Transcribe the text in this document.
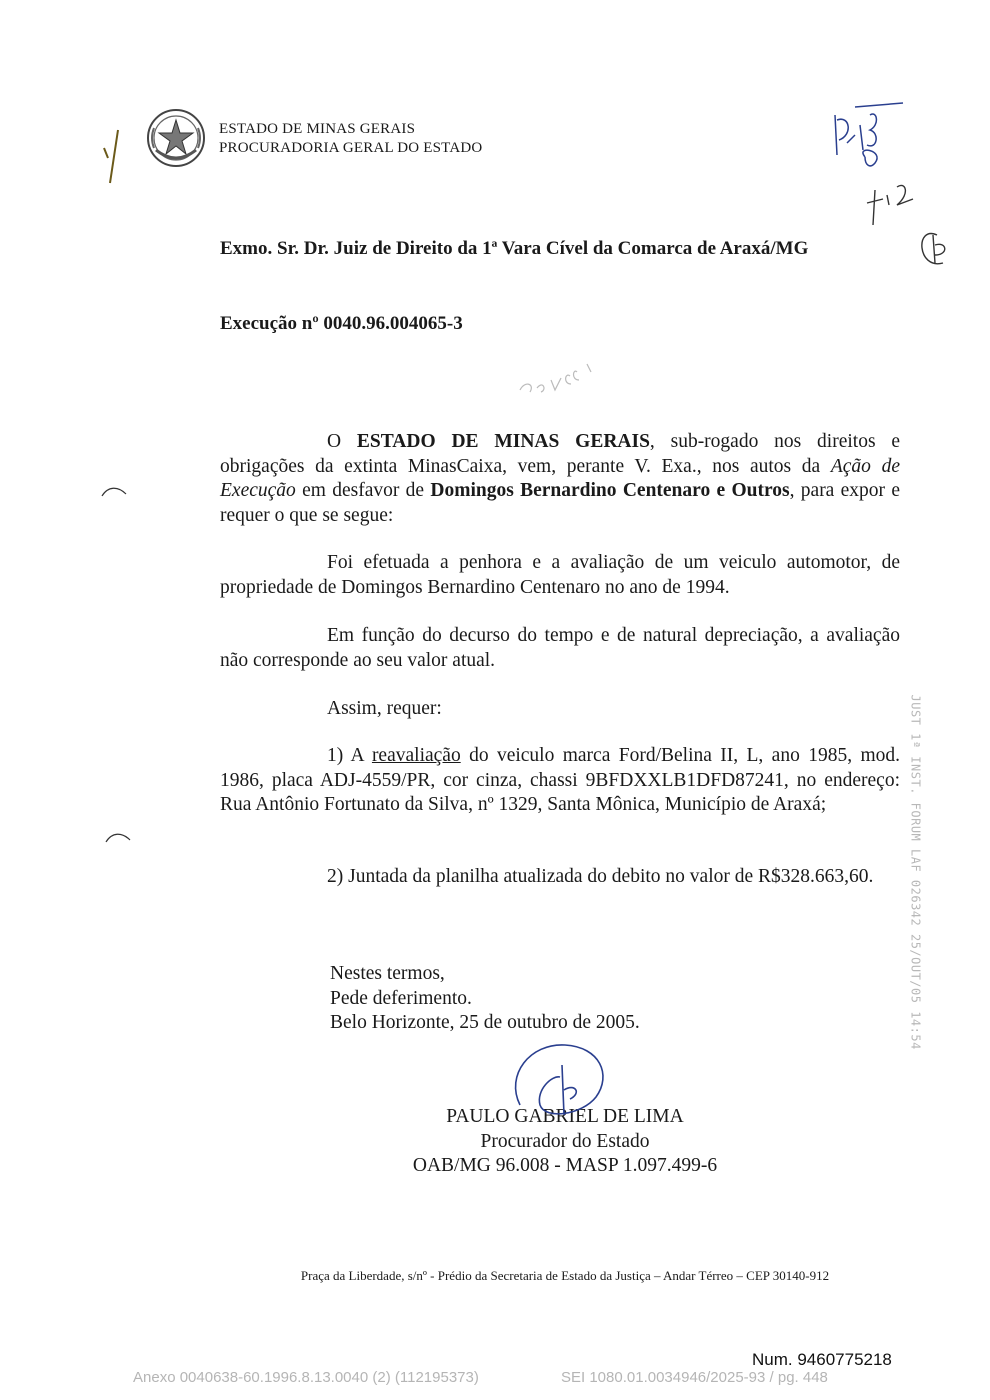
ESTADO DE MINAS GERAIS
PROCURADORIA GERAL DO ESTADO
Exmo. Sr. Dr. Juiz de Direito da 1ª Vara Cível da Comarca de Araxá/MG
Execução nº 0040.96.004065-3
O ESTADO DE MINAS GERAIS, sub-rogado nos direitos e obrigações da extinta MinasCaixa, vem, perante V. Exa., nos autos da Ação de Execução em desfavor de Domingos Bernardino Centenaro e Outros, para expor e requer o que se segue:
Foi efetuada a penhora e a avaliação de um veiculo automotor, de propriedade de Domingos Bernardino Centenaro no ano de 1994.
Em função do decurso do tempo e de natural depreciação, a avaliação não corresponde ao seu valor atual.
Assim, requer:
1) A reavaliação do veiculo marca Ford/Belina II, L, ano 1985, mod. 1986, placa ADJ-4559/PR, cor cinza, chassi 9BFDXXLB1DFD87241, no endereço: Rua Antônio Fortunato da Silva, nº 1329, Santa Mônica, Município de Araxá;
2) Juntada da planilha atualizada do debito no valor de R$328.663,60.
Nestes termos,
Pede deferimento.
Belo Horizonte, 25 de outubro de 2005.
PAULO GABRIEL DE LIMA
Procurador do Estado
OAB/MG 96.008 - MASP 1.097.499-6
JUST 1ª INST. FORUM LAF 026342 25/OUT/05 14:54
Praça da Liberdade, s/nº - Prédio da Secretaria de Estado da Justiça – Andar Térreo – CEP 30140-912
Num. 9460775218
Anexo 0040638-60.1996.8.13.0040 (2) (112195373)	SEI 1080.01.0034946/2025-93 / pg. 448
